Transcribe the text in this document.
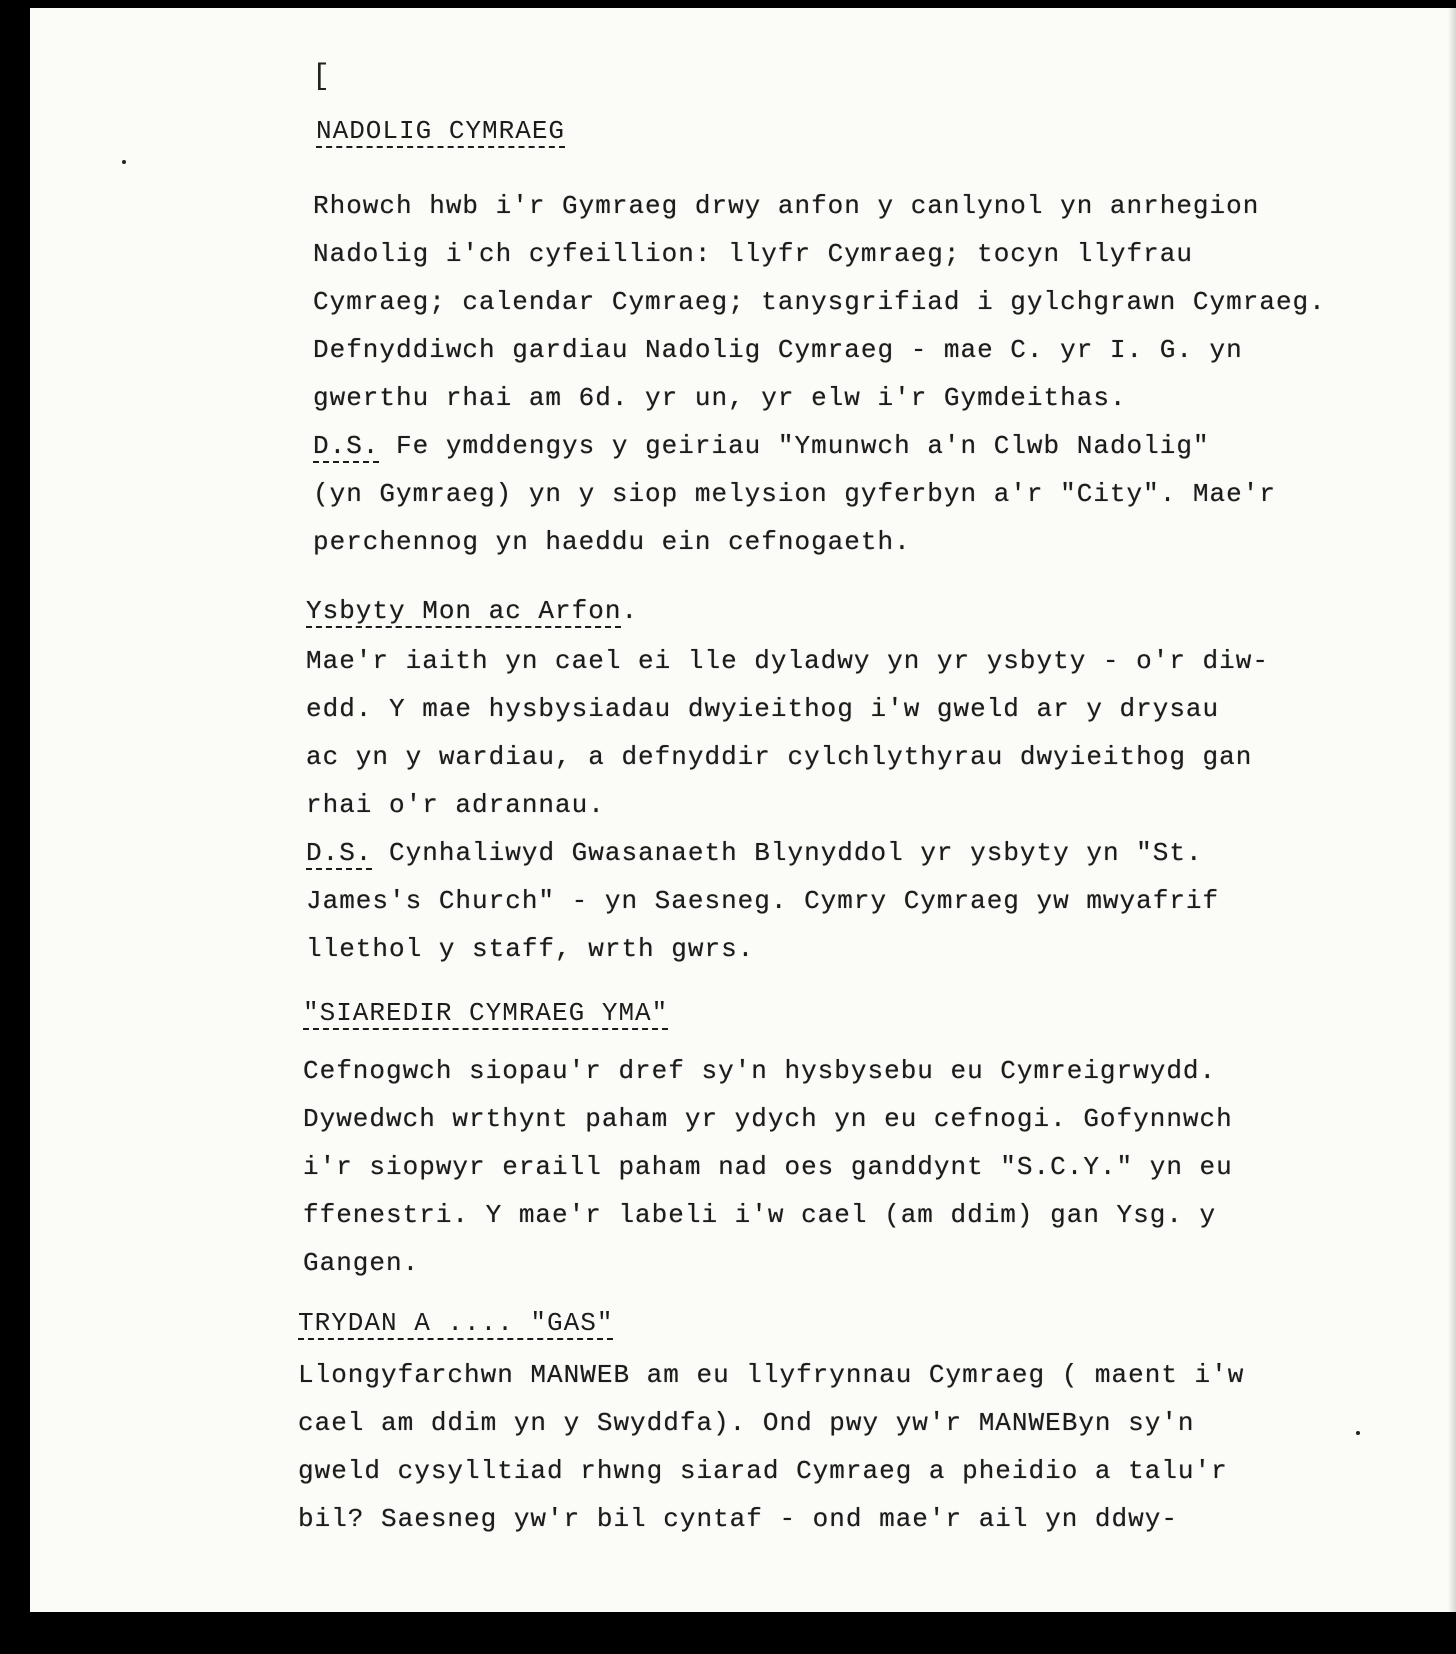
[
NADOLIG CYMRAEG
Rhowch hwb i'r Gymraeg drwy anfon y canlynol yn anrhegion
Nadolig i'ch cyfeillion: llyfr Cymraeg; tocyn llyfrau
Cymraeg; calendar Cymraeg; tanysgrifiad i gylchgrawn Cymraeg.
Defnyddiwch gardiau Nadolig Cymraeg - mae C. yr I. G. yn
gwerthu rhai am 6d. yr un, yr elw i'r Gymdeithas.
D.S. Fe ymddengys y geiriau "Ymunwch a'n Clwb Nadolig"
(yn Gymraeg) yn y siop melysion gyferbyn a'r "City". Mae'r
perchennog yn haeddu ein cefnogaeth.
Ysbyty Mon ac Arfon.
Mae'r iaith yn cael ei lle dyladwy yn yr ysbyty - o'r diw-
edd. Y mae hysbysiadau dwyieithog i'w gweld ar y drysau
ac yn y wardiau, a defnyddir cylchlythyrau dwyieithog gan
rhai o'r adrannau.
D.S. Cynhaliwyd Gwasanaeth Blynyddol yr ysbyty yn "St.
James's Church" - yn Saesneg. Cymry Cymraeg yw mwyafrif
llethol y staff, wrth gwrs.
"SIAREDIR CYMRAEG YMA"
Cefnogwch siopau'r dref sy'n hysbysebu eu Cymreigrwydd.
Dywedwch wrthynt paham yr ydych yn eu cefnogi. Gofynnwch
i'r siopwyr eraill paham nad oes ganddynt "S.C.Y." yn eu
ffenestri. Y mae'r labeli i'w cael (am ddim) gan Ysg. y
Gangen.
TRYDAN A .... "GAS"
Llongyfarchwn MANWEB am eu llyfrynnau Cymraeg ( maent i'w
cael am ddim yn y Swyddfa). Ond pwy yw'r MANWEByn sy'n
gweld cysylltiad rhwng siarad Cymraeg a pheidio a talu'r
bil? Saesneg yw'r bil cyntaf - ond mae'r ail yn ddwy-
